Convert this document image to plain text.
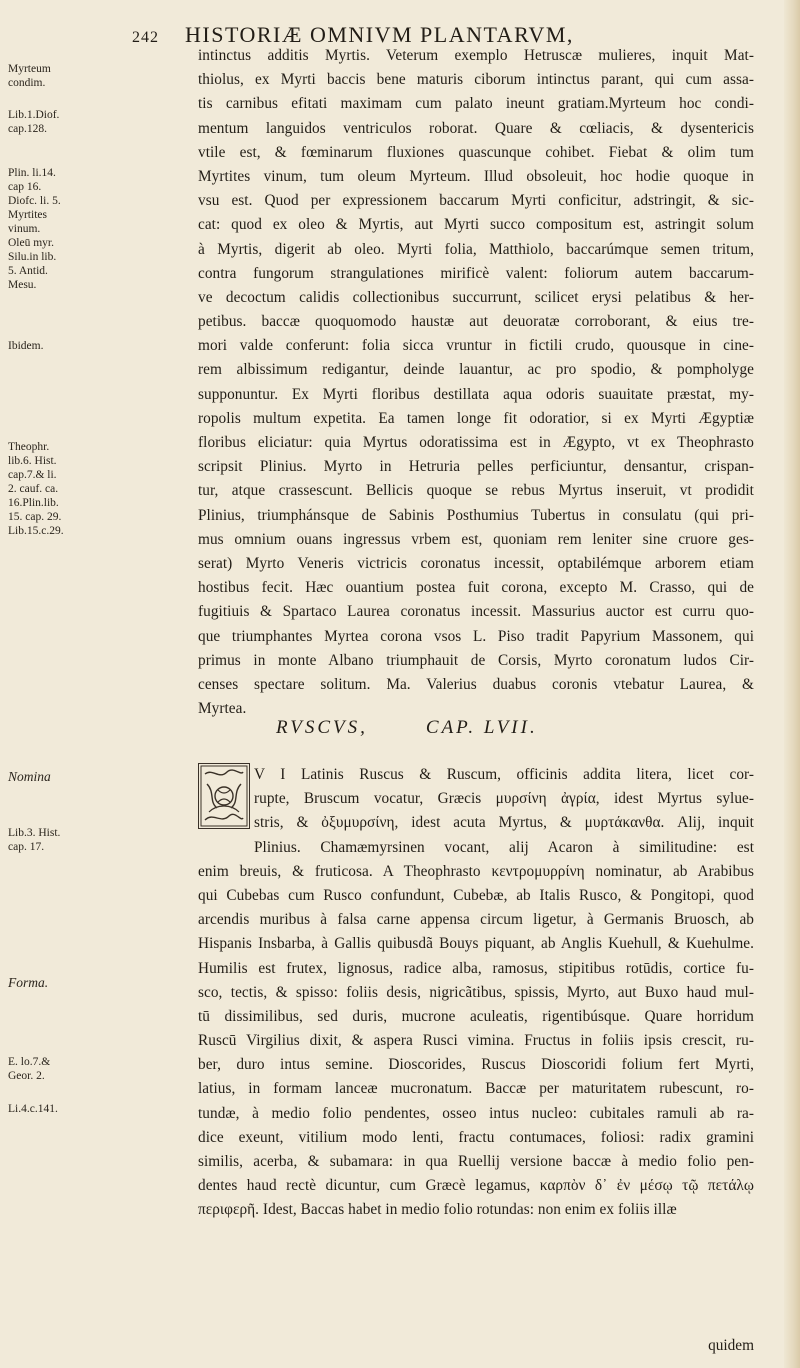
242 HISTORIÆ OMNIVM PLANTARVM,
intinctus additis Myrtis. Veterum exemplo Hetruscæ mulieres, inquit Mat-
thiolus, ex Myrti baccis bene maturis ciborum intinctus parant, qui cum assa-
tis carnibus efitati maximam cum palato ineunt gratiam.Myrteum hoc condi-
mentum languidos ventriculos roborat. Quare & cœliacis, & dysentericis
vtile est, & fœminarum fluxiones quascunque cohibet. Fiebat & olim tum
Myrtites vinum, tum oleum Myrteum. Illud obsoleuit, hoc hodie quoque in
vsu est. Quod per expressionem baccarum Myrti conficitur, adstringit, & sic-
cat: quod ex oleo & Myrtis, aut Myrti succo compositum est, astringit solum
à Myrtis, digerit ab oleo. Myrti folia, Matthiolo, baccarúmque semen tritum,
contra fungorum strangulationes mirificè valent: foliorum autem baccarum-
ve decoctum calidis collectionibus succurrunt, scilicet erysi pelatibus & her-
petibus. baccæ quoquomodo haustæ aut deuoratæ corroborant, & eius tre-
mori valde conferunt: folia sicca vruntur in fictili crudo, quousque in cine-
rem albissimum redigantur, deinde lauantur, ac pro spodio, & pompholyge
supponuntur. Ex Myrti floribus destillata aqua odoris suauitate præstat, my-
ropolis multum expetita. Ea tamen longe fit odoratior, si ex Myrti Ægyptiæ
floribus eliciatur: quia Myrtus odoratissima est in Ægypto, vt ex Theophrasto
scripsit Plinius. Myrto in Hetruria pelles perficiuntur, densantur, crispan-
tur, atque crassescunt. Bellicis quoque se rebus Myrtus inseruit, vt prodidit
Plinius, triumphánsque de Sabinis Posthumius Tubertus in consulatu (qui pri-
mus omnium ouans ingressus vrbem est, quoniam rem leniter sine cruore ges-
serat) Myrto Veneris victricis coronatus incessit, optabilémque arborem etiam
hostibus fecit. Hæc ouantium postea fuit corona, excepto M. Crasso, qui de
fugitiuis & Spartaco Laurea coronatus incessit. Massurius auctor est curru quo-
que triumphantes Myrtea corona vsos L. Piso tradit Papyrium Massonem, qui
primus in monte Albano triumphauit de Corsis, Myrto coronatum ludos Cir-
censes spectare solitum. Ma. Valerius duabus coronis vtebatur Laurea, &
Myrtea.
RVSCVS,	CAP. LVII.
V I Latinis Ruscus & Ruscum, officinis addita litera, licet cor-
rupte, Bruscum vocatur, Græcis μυρσίνη ἀγρία, idest Myrtus sylue-
stris, & ὀξυμυρσίνη, idest acuta Myrtus, & μυρτάκανθα. Alij, inquit
Plinius. Chamæmyrsinen vocant, alij Acaron à similitudine: est
enim breuis, & fruticosa. A Theophrasto κεντρομυρρίνη nominatur, ab Arabibus
qui Cubebas cum Rusco confundunt, Cubebæ, ab Italis Rusco, & Pongitopi, quod
arcendis muribus à falsa carne appensa circum ligetur, à Germanis Bruosch, ab
Hispanis Insbarba, à Gallis quibusdã Bouys piquant, ab Anglis Kuehull, & Kuehulme.
Humilis est frutex, lignosus, radice alba, ramosus, stipitibus rotūdis, cortice fu-
sco, tectis, & spisso: foliis desis, nigricãtibus, spissis, Myrto, aut Buxo haud mul-
tū dissimilibus, sed duris, mucrone aculeatis, rigentibúsque. Quare horridum
Ruscū Virgilius dixit, & aspera Rusci vimina. Fructus in foliis ipsis crescit, ru-
ber, duro intus semine. Dioscorides, Ruscus Dioscoridi folium fert Myrti,
latius, in formam lanceæ mucronatum. Baccæ per maturitatem rubescunt, ro-
tundæ, à medio folio pendentes, osseo intus nucleo: cubitales ramuli ab ra-
dice exeunt, vitilium modo lenti, fractu contumaces, foliosi: radix gramini
similis, acerba, & subamara: in qua Ruellij versione baccæ à medio folio pen-
dentes haud rectè dicuntur, cum Græcè legamus, καρπὸν δ᾽ ἐν μέσῳ τῷ πετάλῳ
περιφερῆ. Idest, Baccas habet in medio folio rotundas: non enim ex foliis illæ
Myrteum
condim.
Lib.1.Diof.
cap.128.
Plin. li.14.
cap 16.
Diofc. li. 5.
Myrtites
vinum.
Oleū myr.
Silu.in lib.
5. Antid.
Mesu.
Ibidem.
Theophr.
lib.6. Hist.
cap.7.& li.
2. cauf. ca.
16.Plin.lib.
15. cap. 29.
Lib.15.c.29.
Nomina
Lib.3. Hist.
cap. 17.
Forma.
E. lo.7.&
Geor. 2.
Li.4.c.141.
quidem
